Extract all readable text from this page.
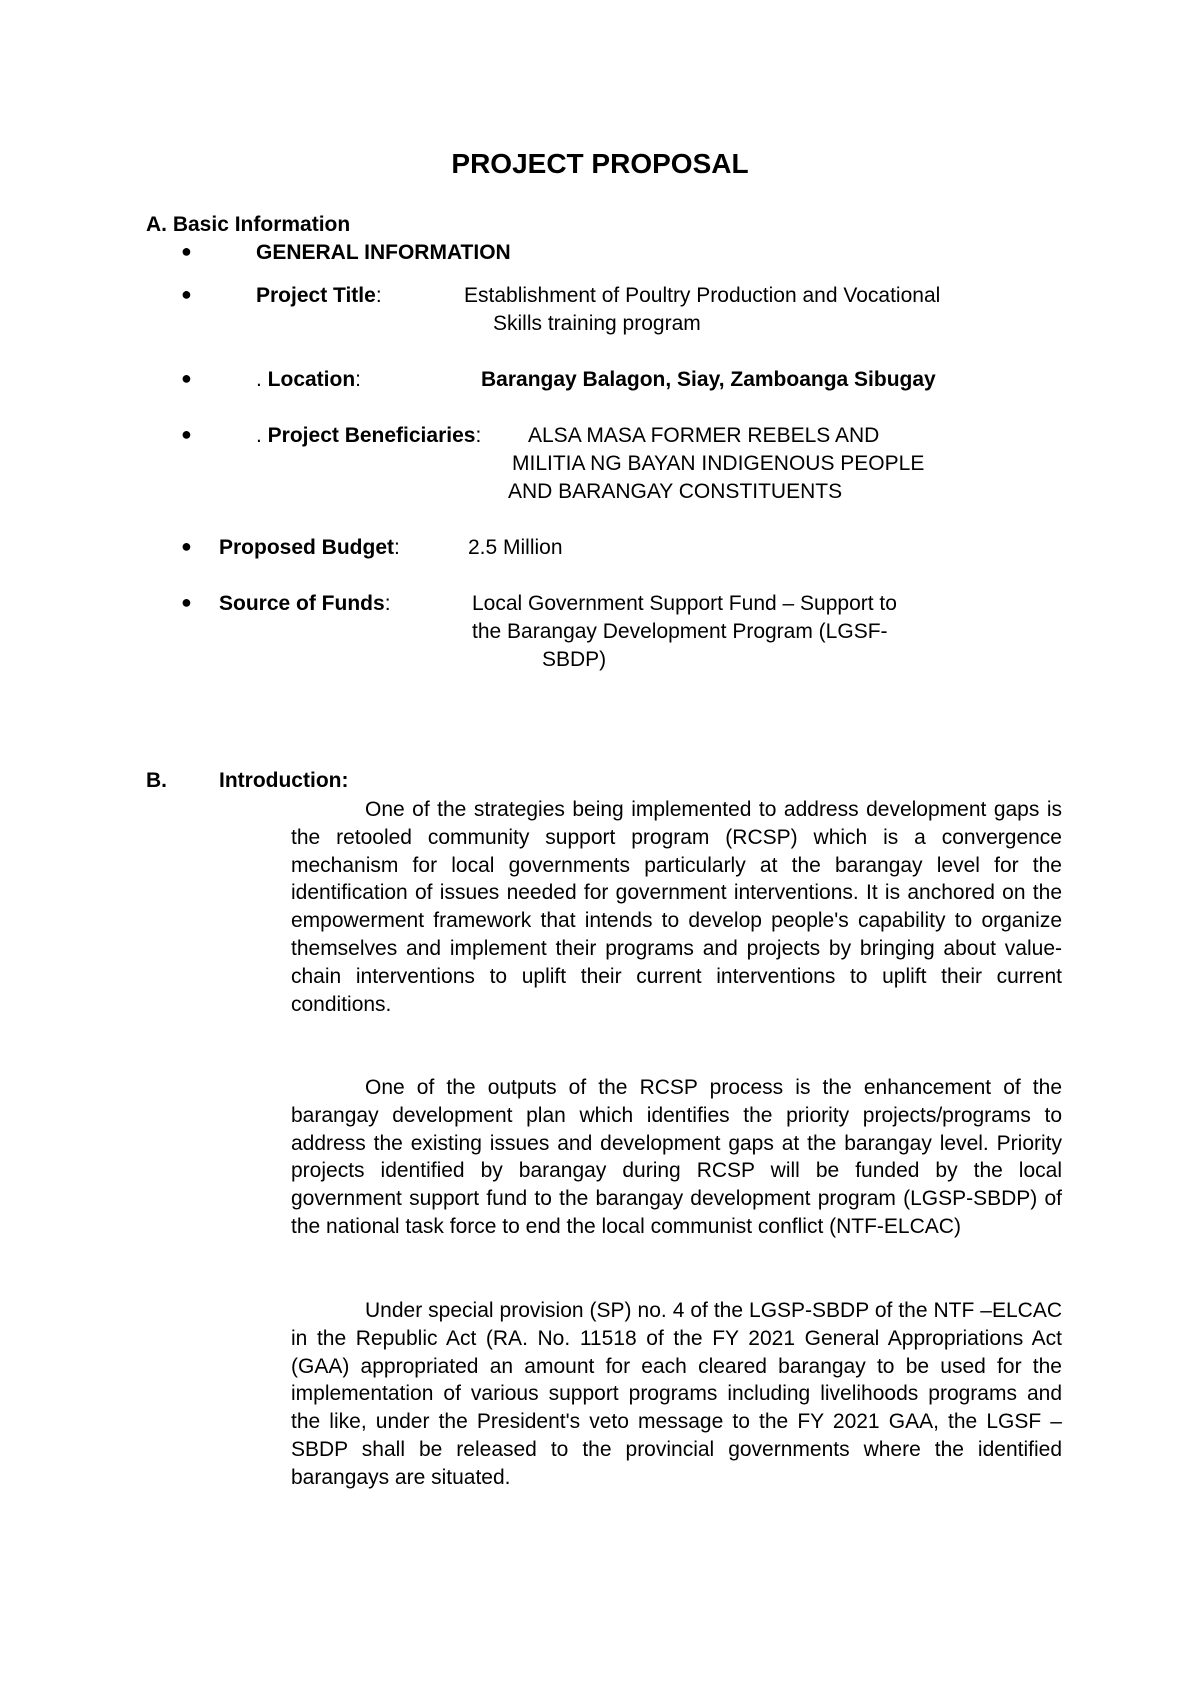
PROJECT PROPOSAL
A. Basic Information
●	GENERAL INFORMATION
●	Project Title:	Establishment of Poultry Production and Vocational
Skills training program
●	. Location:	Barangay Balagon, Siay, Zamboanga Sibugay
●	. Project Beneficiaries: ALSA MASA FORMER REBELS AND
MILITIA NG BAYAN INDIGENOUS PEOPLE
AND BARANGAY CONSTITUENTS
● Proposed Budget:	2.5 Million
● Source of Funds:	Local Government Support Fund – Support to
the Barangay Development Program (LGSF-
SBDP)
B. Introduction:

One of the strategies being implemented to address development gaps is the retooled community support program (RCSP) which is a convergence mechanism for local governments particularly at the barangay level for the identification of issues needed for government interventions. It is anchored on the empowerment framework that intends to develop people's capability to organize themselves and implement their programs and projects by bringing about value-chain interventions to uplift their current interventions to uplift their current conditions.

One of the outputs of the RCSP process is the enhancement of the barangay development plan which identifies the priority projects/programs to address the existing issues and development gaps at the barangay level. Priority projects identified by barangay during RCSP will be funded by the local government support fund to the barangay development program (LGSP-SBDP) of the national task force to end the local communist conflict (NTF-ELCAC)

Under special provision (SP) no. 4 of the LGSP-SBDP of the NTF –ELCAC in the Republic Act (RA. No. 11518 of the FY 2021 General Appropriations Act (GAA) appropriated an amount for each cleared barangay to be used for the implementation of various support programs including livelihoods programs and the like, under the President's veto message to the FY 2021 GAA, the LGSF – SBDP shall be released to the provincial governments where the identified barangays are situated.
